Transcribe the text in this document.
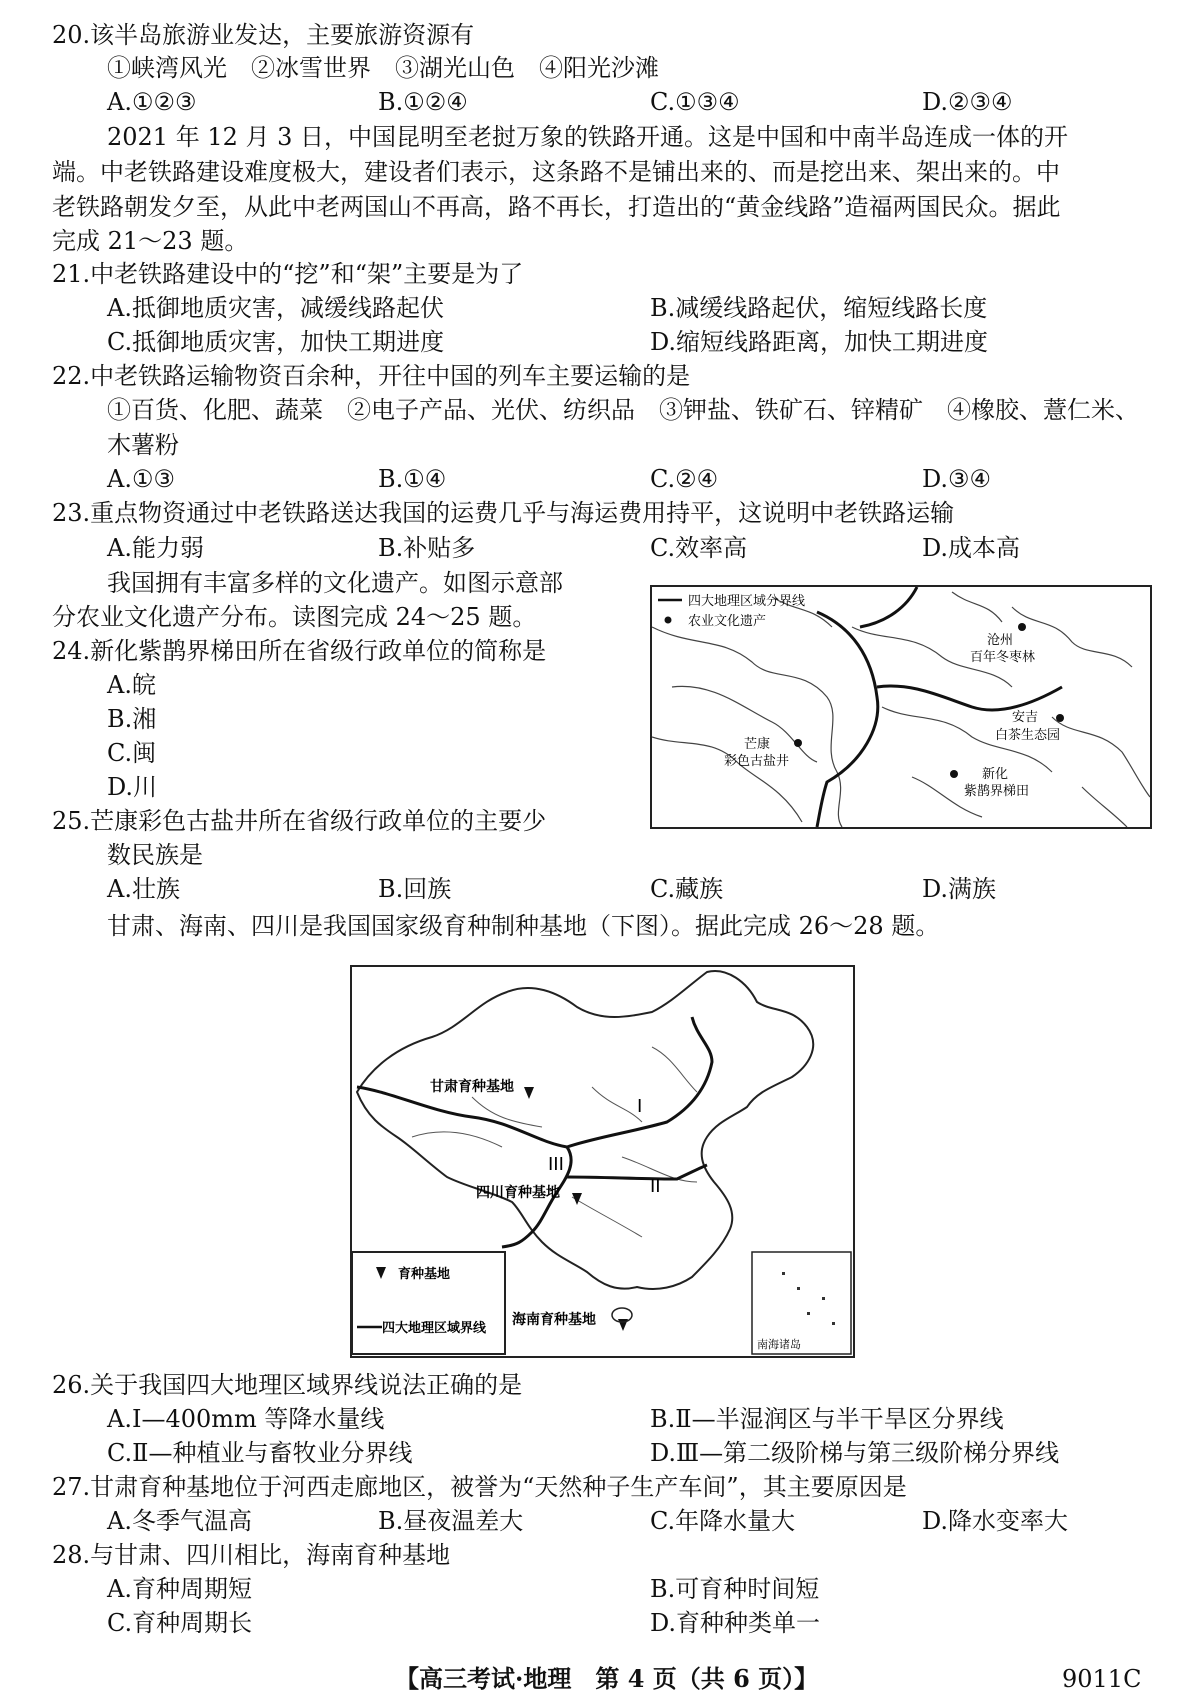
20.该半岛旅游业发达，主要旅游资源有
①峡湾风光　②冰雪世界　③湖光山色　④阳光沙滩
A.①②③	B.①②④	C.①③④	D.②③④
2021 年 12 月 3 日，中国昆明至老挝万象的铁路开通。这是中国和中南半岛连成一体的开
端。中老铁路建设难度极大，建设者们表示，这条路不是铺出来的、而是挖出来、架出来的。中
老铁路朝发夕至，从此中老两国山不再高，路不再长，打造出的“黄金线路”造福两国民众。据此
完成 21～23 题。
21.中老铁路建设中的“挖”和“架”主要是为了
A.抵御地质灾害，减缓线路起伏	B.减缓线路起伏，缩短线路长度
C.抵御地质灾害，加快工期进度	D.缩短线路距离，加快工期进度
22.中老铁路运输物资百余种，开往中国的列车主要运输的是
①百货、化肥、蔬菜　②电子产品、光伏、纺织品　③钾盐、铁矿石、锌精矿　④橡胶、薏仁米、
木薯粉
A.①③	B.①④	C.②④	D.③④
23.重点物资通过中老铁路送达我国的运费几乎与海运费用持平，这说明中老铁路运输
A.能力弱	B.补贴多	C.效率高	D.成本高
我国拥有丰富多样的文化遗产。如图示意部
分农业文化遗产分布。读图完成 24～25 题。
24.新化紫鹊界梯田所在省级行政单位的简称是
A.皖
B.湘
C.闽
D.川
25.芒康彩色古盐井所在省级行政单位的主要少
数民族是
A.壮族	B.回族	C.藏族	D.满族
四大地理区域分界线
农业文化遗产
沧州
百年冬枣林
安吉
白茶生态园
芒康
彩色古盐井
新化
紫鹊界梯田
甘肃、海南、四川是我国国家级育种制种基地（下图）。据此完成 26～28 题。
I
II
III
甘肃育种基地
四川育种基地
海南育种基地
育种基地
四大地理区域界线
南海诸岛
26.关于我国四大地理区域界线说法正确的是
A.Ⅰ—400mm 等降水量线	B.Ⅱ—半湿润区与半干旱区分界线
C.Ⅱ—种植业与畜牧业分界线	D.Ⅲ—第二级阶梯与第三级阶梯分界线
27.甘肃育种基地位于河西走廊地区，被誉为“天然种子生产车间”，其主要原因是
A.冬季气温高	B.昼夜温差大	C.年降水量大	D.降水变率大
28.与甘肃、四川相比，海南育种基地
A.育种周期短	B.可育种时间短
C.育种周期长	D.育种种类单一
【高三考试·地理　第 4 页（共 6 页）】	9011C
